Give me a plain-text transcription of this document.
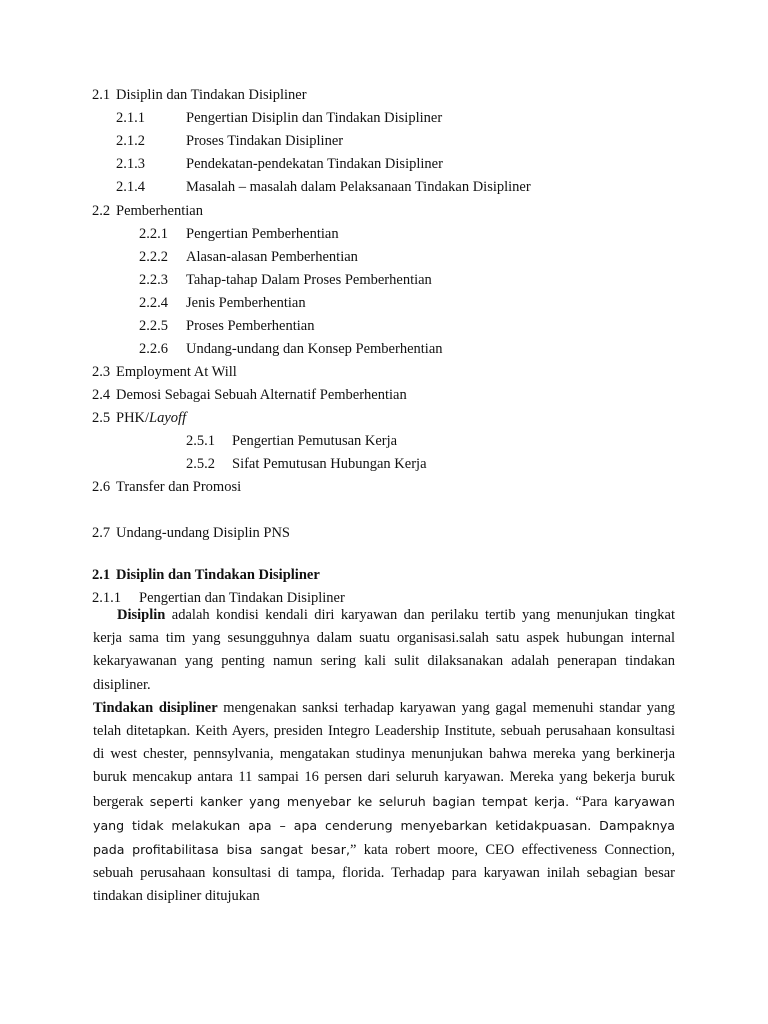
2.1 Disiplin dan Tindakan Disipliner
2.1.1	Pengertian Disiplin dan Tindakan Disipliner
2.1.2	Proses Tindakan Disipliner
2.1.3	Pendekatan-pendekatan Tindakan Disipliner
2.1.4	Masalah – masalah dalam Pelaksanaan Tindakan Disipliner
2.2 Pemberhentian
2.2.1 Pengertian Pemberhentian
2.2.2 Alasan-alasan Pemberhentian
2.2.3 Tahap-tahap Dalam Proses Pemberhentian
2.2.4 Jenis Pemberhentian
2.2.5 Proses Pemberhentian
2.2.6 Undang-undang dan Konsep Pemberhentian
2.3 Employment At Will
2.4 Demosi Sebagai Sebuah Alternatif Pemberhentian
2.5 PHK/Layoff
2.5.1 Pengertian Pemutusan Kerja
2.5.2 Sifat Pemutusan Hubungan Kerja
2.6 Transfer dan Promosi
2.7 Undang-undang Disiplin PNS
2.1 Disiplin dan Tindakan Disipliner
2.1.1 Pengertian dan Tindakan Disipliner

Disiplin adalah kondisi kendali diri karyawan dan perilaku tertib yang menunjukan tingkat kerja sama tim yang sesungguhnya dalam suatu organisasi.salah satu aspek hubungan internal kekaryawanan yang penting namun sering kali sulit dilaksanakan adalah penerapan tindakan disipliner.

Tindakan disipliner mengenakan sanksi terhadap karyawan yang gagal memenuhi standar yang telah ditetapkan. Keith Ayers, presiden Integro Leadership Institute, sebuah perusahaan konsultasi di west chester, pennsylvania, mengatakan studinya menunjukan bahwa mereka yang berkinerja buruk mencakup antara 11 sampai 16 persen dari seluruh karyawan. Mereka yang bekerja buruk bergerak seperti kanker yang menyebar ke seluruh bagian tempat kerja. “Para karyawan yang tidak melakukan apa – apa cenderung menyebarkan ketidakpuasan. Dampaknya pada profitabilitasa bisa sangat besar,” kata robert moore, CEO effectiveness Connection, sebuah perusahaan konsultasi di tampa, florida. Terhadap para karyawan inilah sebagian besar tindakan disipliner ditujukan
